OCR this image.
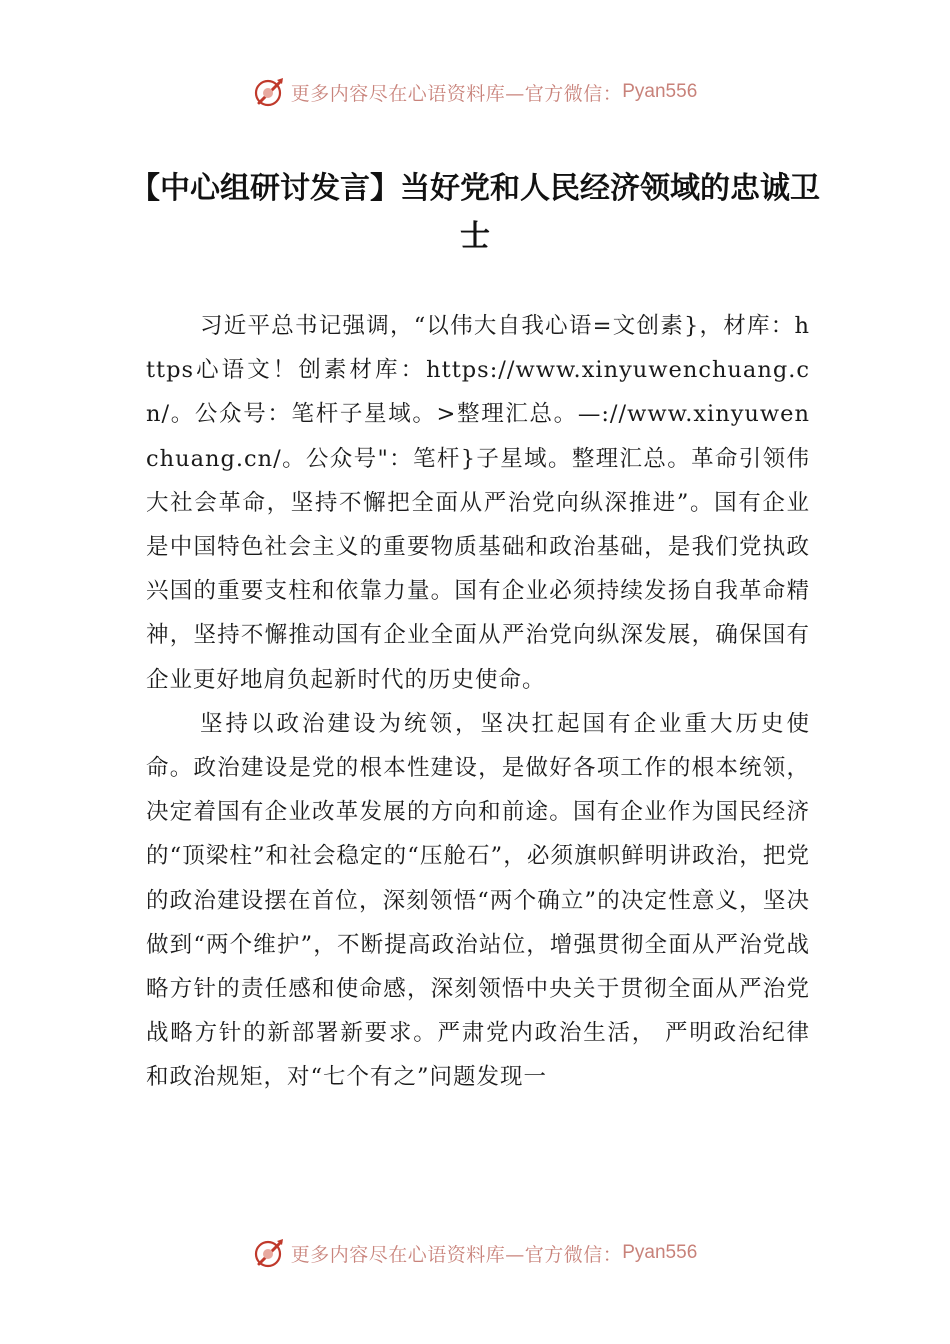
更多内容尽在心语资料库—官方微信： Pyan556
【中心组研讨发言】当好党和人民经济领域的忠诚卫士

习近平总书记强调，“以伟大自我心语=文创素}，材库：https心语文！创素材库：https://www.xinyuwenchuang.cn/。公众号：笔杆子星域。>整理汇总。—://www.xinyuwenchuang.cn/。公众号"：笔杆}子星域。整理汇总。革命引领伟大社会革命，坚持不懈把全面从严治党向纵深推进”。国有企业是中国特色社会主义的重要物质基础和政治基础，是我们党执政兴国的重要支柱和依靠力量。国有企业必须持续发扬自我革命精神，坚持不懈推动国有企业全面从严治党向纵深发展，确保国有企业更好地肩负起新时代的历史使命。

坚持以政治建设为统领，坚决扛起国有企业重大历史使命。政治建设是党的根本性建设，是做好各项工作的根本统领，决定着国有企业改革发展的方向和前途。国有企业作为国民经济的“顶梁柱”和社会稳定的“压舱石”，必须旗帜鲜明讲政治，把党的政治建设摆在首位，深刻领悟“两个确立”的决定性意义，坚决做到“两个维护”，不断提高政治站位，增强贯彻全面从严治党战略方针的责任感和使命感，深刻领悟中央关于贯彻全面从严治党战略方针的新部署新要求。严肃党内政治生活， 严明政治纪律和政治规矩，对“七个有之”问题发现一

更多内容尽在心语资料库—官方微信： Pyan556
